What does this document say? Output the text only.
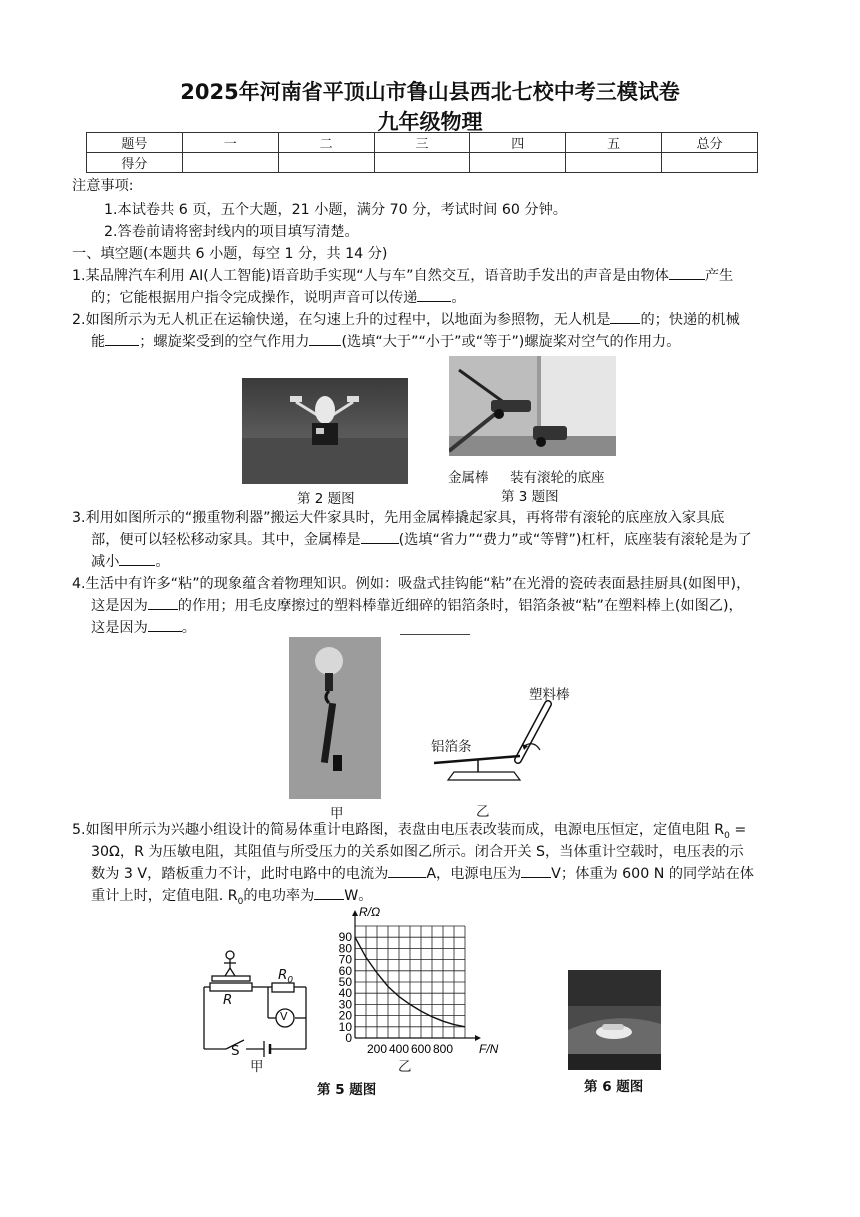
2025年河南省平顶山市鲁山县西北七校中考三模试卷
九年级物理
题号	一	二	三	四	五	总分
得分						
注意事项:
1.本试卷共 6 页，五个大题，21 小题，满分 70 分，考试时间 60 分钟。
2.答卷前请将密封线内的项目填写清楚。
一、填空题(本题共 6 小题，每空 1 分，共 14 分)
1.某品牌汽车利用 AI(人工智能)语音助手实现“人与车”自然交互，语音助手发出的声音是由物体	产生
的；它能根据用户指令完成操作，说明声音可以传递 。
2.如图所示为无人机正在运输快递，在匀速上升的过程中，以地面为参照物，无人机是 的；快递的机械
能 ；螺旋桨受到的空气作用力 (选填“大于”“小于”或“等于”)螺旋桨对空气的作用力。
第 2 题图
金属棒 装有滚轮的底座
第 3 题图
3.利用如图所示的“搬重物利器”搬运大件家具时，先用金属棒撬起家具，再将带有滚轮的底座放入家具底
部，便可以轻松移动家具。其中，金属棒是	(选填“省力”“费力”或“等臂”)杠杆，底座装有滚轮是为了
减小	。
4.生活中有许多“粘”的现象蕴含着物理知识。例如：吸盘式挂钩能“粘”在光滑的瓷砖表面悬挂厨具(如图甲)，
这是因为 的作用；用毛皮摩擦过的塑料棒靠近细碎的铝箔条时，铝箔条被“粘”在塑料棒上(如图乙)，
这是因为 。
甲
塑料棒
铝箔条
乙
5.如图甲所示为兴趣小组设计的简易体重计电路图，表盘由电压表改装而成，电源电压恒定，定值电阻 $R_0$ =
30Ω，R 为压敏电阻，其阻值与所受压力的关系如图乙所示。闭合开关 S，当体重计空载时，电压表的示
数为 3 V，踏板重力不计，此时电路中的电流为	A，电源电压为 V；体重为 600 N 的同学站在体
重计上时，定值电阻. $R_0$的电功率为 W。
R
$R_0$
V
S
甲
0
10
20
30
40
50
60
70
80
90
200 400 600 800 F/N
R/Ω
乙
第 5 题图	第 6 题图
